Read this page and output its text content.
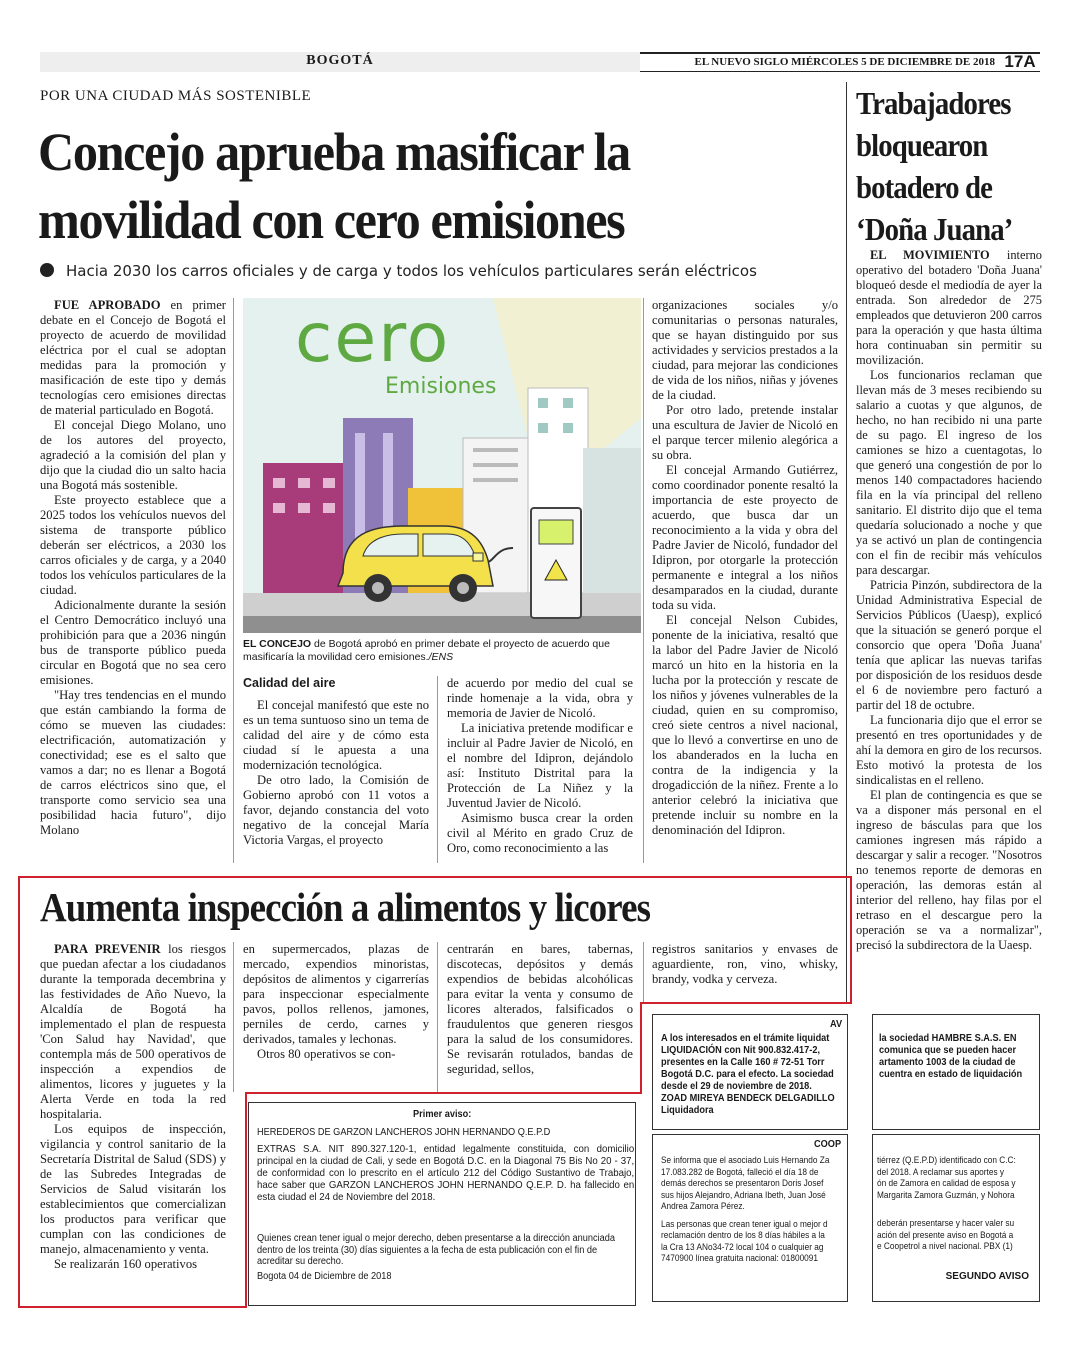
BOGOTÁ	EL NUEVO SIGLO MIÉRCOLES 5 DE DICIEMBRE DE 2018 17A
POR UNA CIUDAD MÁS SOSTENIBLE
Concejo aprueba masificar la movilidad con cero emisiones
Hacia 2030 los carros oficiales y de carga y todos los vehículos particulares serán eléctricos

FUE APROBADO en primer debate en el Concejo de Bogotá el proyecto de acuerdo de movilidad eléctrica por el cual se adoptan medidas para la promoción y masificación de este tipo y demás tecnologías cero emisiones directas de material particulado en Bogotá.

El concejal Diego Molano, uno de los autores del proyecto, agradeció a la comisión del plan y dijo que la ciudad dio un salto hacia una Bogotá más sostenible.

Este proyecto establece que a 2025 todos los vehículos nuevos del sistema de transporte público deberán ser eléctricos, a 2030 los carros oficiales y de carga, y a 2040 todos los vehículos particulares de la ciudad.

Adicionalmente durante la sesión el Centro Democrático incluyó una prohibición para que a 2036 ningún bus de transporte público pueda circular en Bogotá que no sea cero emisiones.

"Hay tres tendencias en el mundo que están cambiando la forma de cómo se mueven las ciudades: electrificación, automatización y conectividad; ese es el salto que vamos a dar; no es llenar a Bogotá de carros eléctricos sino que, el transporte como servicio sea una posibilidad hacia futuro", dijo Molano

cero
Emisiones
EL CONCEJO de Bogotá aprobó en primer debate el proyecto de acuerdo que masificaría la movilidad cero emisiones./ENS
Calidad del aire

El concejal manifestó que este no es un tema suntuoso sino un tema de calidad del aire y de cómo esta ciudad sí le apuesta a una modernización tecnológica.

De otro lado, la Comisión de Gobierno aprobó con 11 votos a favor, dejando constancia del voto negativo de la concejal María Victoria Vargas, el proyecto

de acuerdo por medio del cual se rinde homenaje a la vida, obra y memoria de Javier de Nicoló.

La iniciativa pretende modificar e incluir al Padre Javier de Nicoló, en el nombre del Idipron, dejándolo así: Instituto Distrital para la Protección de La Niñez y la Juventud Javier de Nicoló.

Asimismo busca crear la orden civil al Mérito en grado Cruz de Oro, como reconocimiento a las

organizaciones sociales y/o comunitarias o personas naturales, que se hayan distinguido por sus actividades y servicios prestados a la ciudad, para mejorar las condiciones de vida de los niños, niñas y jóvenes de la ciudad.

Por otro lado, pretende instalar una escultura de Javier de Nicoló en el parque tercer milenio alegórica a su obra.

El concejal Armando Gutiérrez, como coordinador ponente resaltó la importancia de este proyecto de acuerdo, que busca dar un reconocimiento a la vida y obra del Padre Javier de Nicoló, fundador del Idipron, por otorgarle la protección permanente e integral a los niños desamparados en la ciudad, durante toda su vida.

El concejal Nelson Cubides, ponente de la iniciativa, resaltó que la labor del Padre Javier de Nicoló marcó un hito en la historia en la lucha por la protección y rescate de los niños y jóvenes vulnerables de la ciudad, quien en su compromiso, creó siete centros a nivel nacional, que lo llevó a convertirse en uno de los abanderados en la lucha en contra de la indigencia y la drogadicción de la niñez. Frente a lo anterior celebró la iniciativa que pretende incluir su nombre en la denominación del Idipron.

Trabajadores bloquearon botadero de ‘Doña Juana’

EL MOVIMIENTO interno operativo del botadero 'Doña Juana' bloqueó desde el mediodía de ayer la entrada. Son alrededor de 275 empleados que detuvieron 200 carros para la operación y que hasta última hora continuaban sin permitir su movilización.

Los funcionarios reclaman que llevan más de 3 meses recibiendo su salario a cuotas y que algunos, de hecho, no han recibido ni una parte de su pago. El ingreso de los camiones se hizo a cuentagotas, lo que generó una congestión de por lo menos 140 compactadores haciendo fila en la vía principal del relleno sanitario. El distrito dijo que el tema quedaría solucionado a noche y que ya se activó un plan de contingencia con el fin de recibir más vehículos para descargar.

Patricia Pinzón, subdirectora de la Unidad Administrativa Especial de Servicios Públicos (Uaesp), explicó que la situación se generó porque el consorcio que opera 'Doña Juana' tenía que aplicar las nuevas tarifas por disposición de los residuos desde el 6 de noviembre pero facturó a partir del 18 de octubre.

La funcionaria dijo que el error se presentó en tres oportunidades y de ahí la demora en giro de los recursos. Esto motivó la protesta de los sindicalistas en el relleno.

El plan de contingencia es que se va a disponer más personal en el ingreso de básculas para que los camiones ingresen más rápido a descargar y salir a recoger. "Nosotros no tenemos reporte de demoras en operación, las demoras están al interior del relleno, hay filas por el retraso en el descargue pero la operación se va a normalizar", precisó la subdirectora de la Uaesp.

Aumenta inspección a alimentos y licores

PARA PREVENIR los riesgos que puedan afectar a los ciudadanos durante la temporada decembrina y las festividades de Año Nuevo, la Alcaldía de Bogotá ha implementado el plan de respuesta 'Con Salud hay Navidad', que contempla más de 500 operativos de inspección a expendios de alimentos, licores y juguetes y la Alerta Verde en toda la red hospitalaria.

Los equipos de inspección, vigilancia y control sanitario de la Secretaría Distrital de Salud (SDS) y de las Subredes Integradas de Servicios de Salud visitarán los establecimientos que comercializan los productos para verificar que cumplan con las condiciones de manejo, almacenamiento y venta.

Se realizarán 160 operativos

en supermercados, plazas de mercado, expendios minoristas, depósitos de alimentos y cigarrerías para inspeccionar especialmente pavos, pollos rellenos, jamones, perniles de cerdo, carnes y derivados, tamales y lechonas.

Otros 80 operativos se con-

centrarán en bares, tabernas, discotecas, depósitos y demás expendios de bebidas alcohólicas para evitar la venta y consumo de licores alterados, falsificados o fraudulentos que generen riesgos para la salud de los consumidores. Se revisarán rotulados, bandas de seguridad, sellos,

registros sanitarios y envases de aguardiente, ron, vino, whisky, brandy, vodka y cerveza.

AV
A los interesados en el trámite liquidat
LIQUIDACIÓN con Nit 900.832.417-2,
presentes en la Calle 160 # 72-51 Torr
Bogotá D.C. para el efecto. La sociedad
desde el 29 de noviembre de 2018.
ZOAD MIREYA BENDECK DELGADILLO
Liquidadora
la sociedad HAMBRE S.A.S. EN
comunica que se pueden hacer
artamento 1003 de la ciudad de
cuentra en estado de liquidación
Primer aviso:
HEREDEROS DE GARZON LANCHEROS JOHN HERNANDO Q.E.P.D
EXTRAS S.A. NIT 890.327.120-1, entidad legalmente constituida, con domicilio principal en la ciudad de Cali, y sede en Bogotá D.C. en la Diagonal 75 Bis No 20 - 37, de conformidad con lo prescrito en el artículo 212 del Código Sustantivo de Trabajo, hace saber que GARZON LANCHEROS JOHN HERNANDO Q.E.P. D. ha fallecido en esta ciudad el 24 de Noviembre del 2018.
Quienes crean tener igual o mejor derecho, deben presentarse a la dirección anunciada dentro de los treinta (30) días siguientes a la fecha de esta publicación con el fin de acreditar su derecho.
Bogota 04 de Diciembre de 2018
COOP
Se informa que el asociado Luis Hernando Za
17.083.282 de Bogotá, falleció el día 18 de
demás derechos se presentaron Doris Josef
sus hijos Alejandro, Adriana Ibeth, Juan José
Andrea Zamora Pérez.
Las personas que crean tener igual o mejor d
reclamación dentro de los 8 días hábiles a la
la Cra 13 ANo34-72 local 104 o cualquier ag
7470900 línea gratuita nacional: 01800091
tiérrez (Q.E.P.D) identificado con C.C:
del 2018. A reclamar sus aportes y
ón de Zamora en calidad de esposa y
Margarita Zamora Guzmán, y Nohora
deberán presentarse y hacer valer su
ación del presente aviso en Bogotá a
e Coopetrol a nivel nacional. PBX (1)
SEGUNDO AVISO
